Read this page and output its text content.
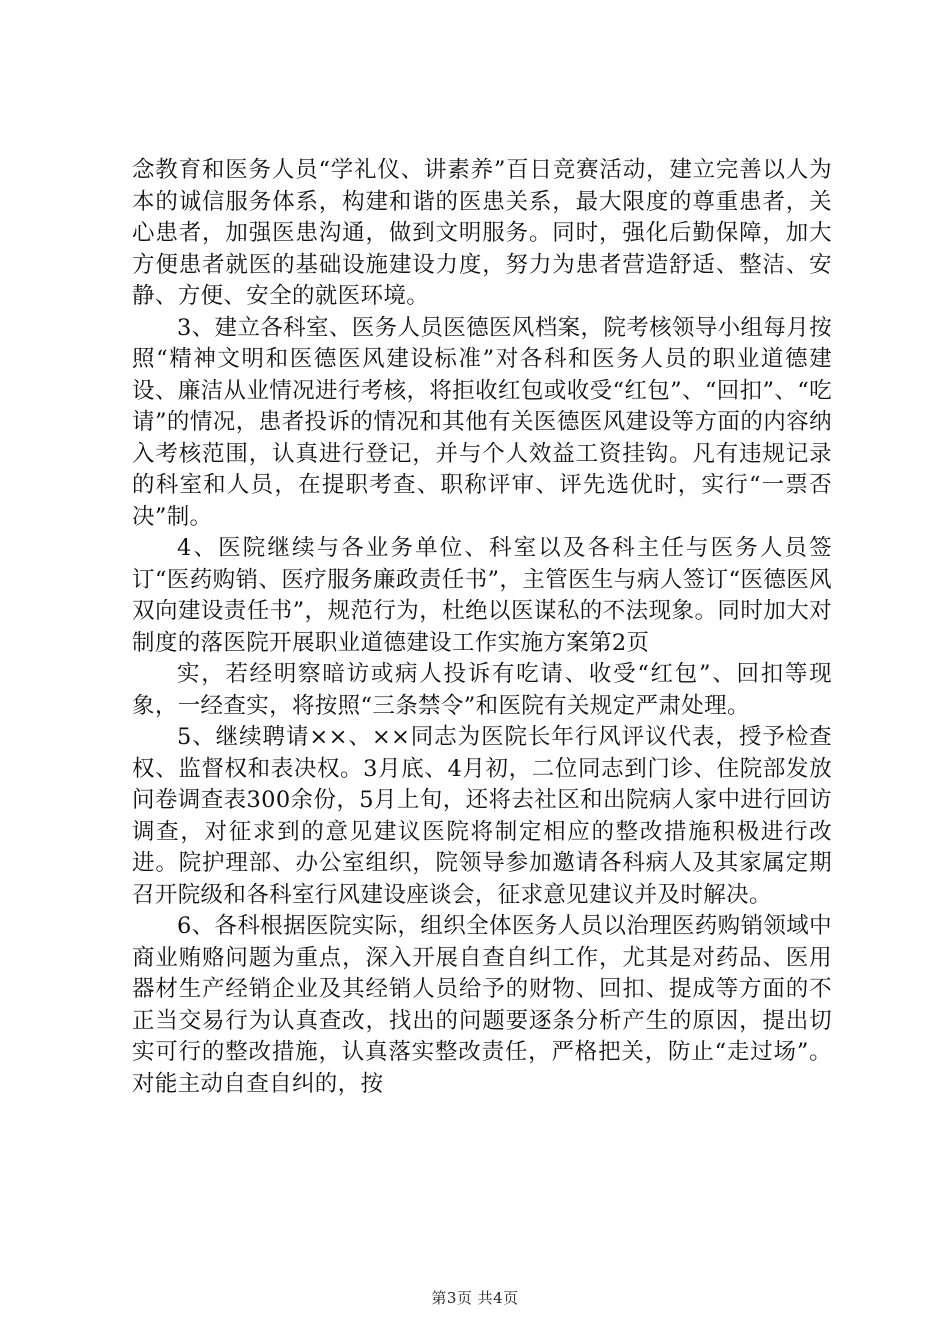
念教育和医务人员“学礼仪、讲素养”百日竞赛活动，建立完善以人为本的诚信服务体系，构建和谐的医患关系，最大限度的尊重患者，关心患者，加强医患沟通，做到文明服务。同时，强化后勤保障，加大方便患者就医的基础设施建设力度，努力为患者营造舒适、整洁、安静、方便、安全的就医环境。

3、建立各科室、医务人员医德医风档案，院考核领导小组每月按照“精神文明和医德医风建设标准”对各科和医务人员的职业道德建设、廉洁从业情况进行考核，将拒收红包或收受“红包”、“回扣”、“吃请”的情况，患者投诉的情况和其他有关医德医风建设等方面的内容纳入考核范围，认真进行登记，并与个人效益工资挂钩。凡有违规记录的科室和人员，在提职考查、职称评审、评先选优时，实行“一票否决”制。

4、医院继续与各业务单位、科室以及各科主任与医务人员签订“医药购销、医疗服务廉政责任书”，主管医生与病人签订“医德医风双向建设责任书”，规范行为，杜绝以医谋私的不法现象。同时加大对制度的落医院开展职业道德建设工作实施方案第2页

实，若经明察暗访或病人投诉有吃请、收受“红包”、回扣等现象，一经查实，将按照“三条禁令”和医院有关规定严肃处理。

5、继续聘请××、××同志为医院长年行风评议代表，授予检查权、监督权和表决权。3月底、4月初，二位同志到门诊、住院部发放问卷调查表300余份，5月上旬，还将去社区和出院病人家中进行回访调查，对征求到的意见建议医院将制定相应的整改措施积极进行改进。院护理部、办公室组织，院领导参加邀请各科病人及其家属定期召开院级和各科室行风建设座谈会，征求意见建议并及时解决。

6、各科根据医院实际，组织全体医务人员以治理医药购销领域中商业贿赂问题为重点，深入开展自查自纠工作，尤其是对药品、医用器材生产经销企业及其经销人员给予的财物、回扣、提成等方面的不正当交易行为认真查改，找出的问题要逐条分析产生的原因，提出切实可行的整改措施，认真落实整改责任，严格把关，防止“走过场”。对能主动自查自纠的，按

第3页 共4页
